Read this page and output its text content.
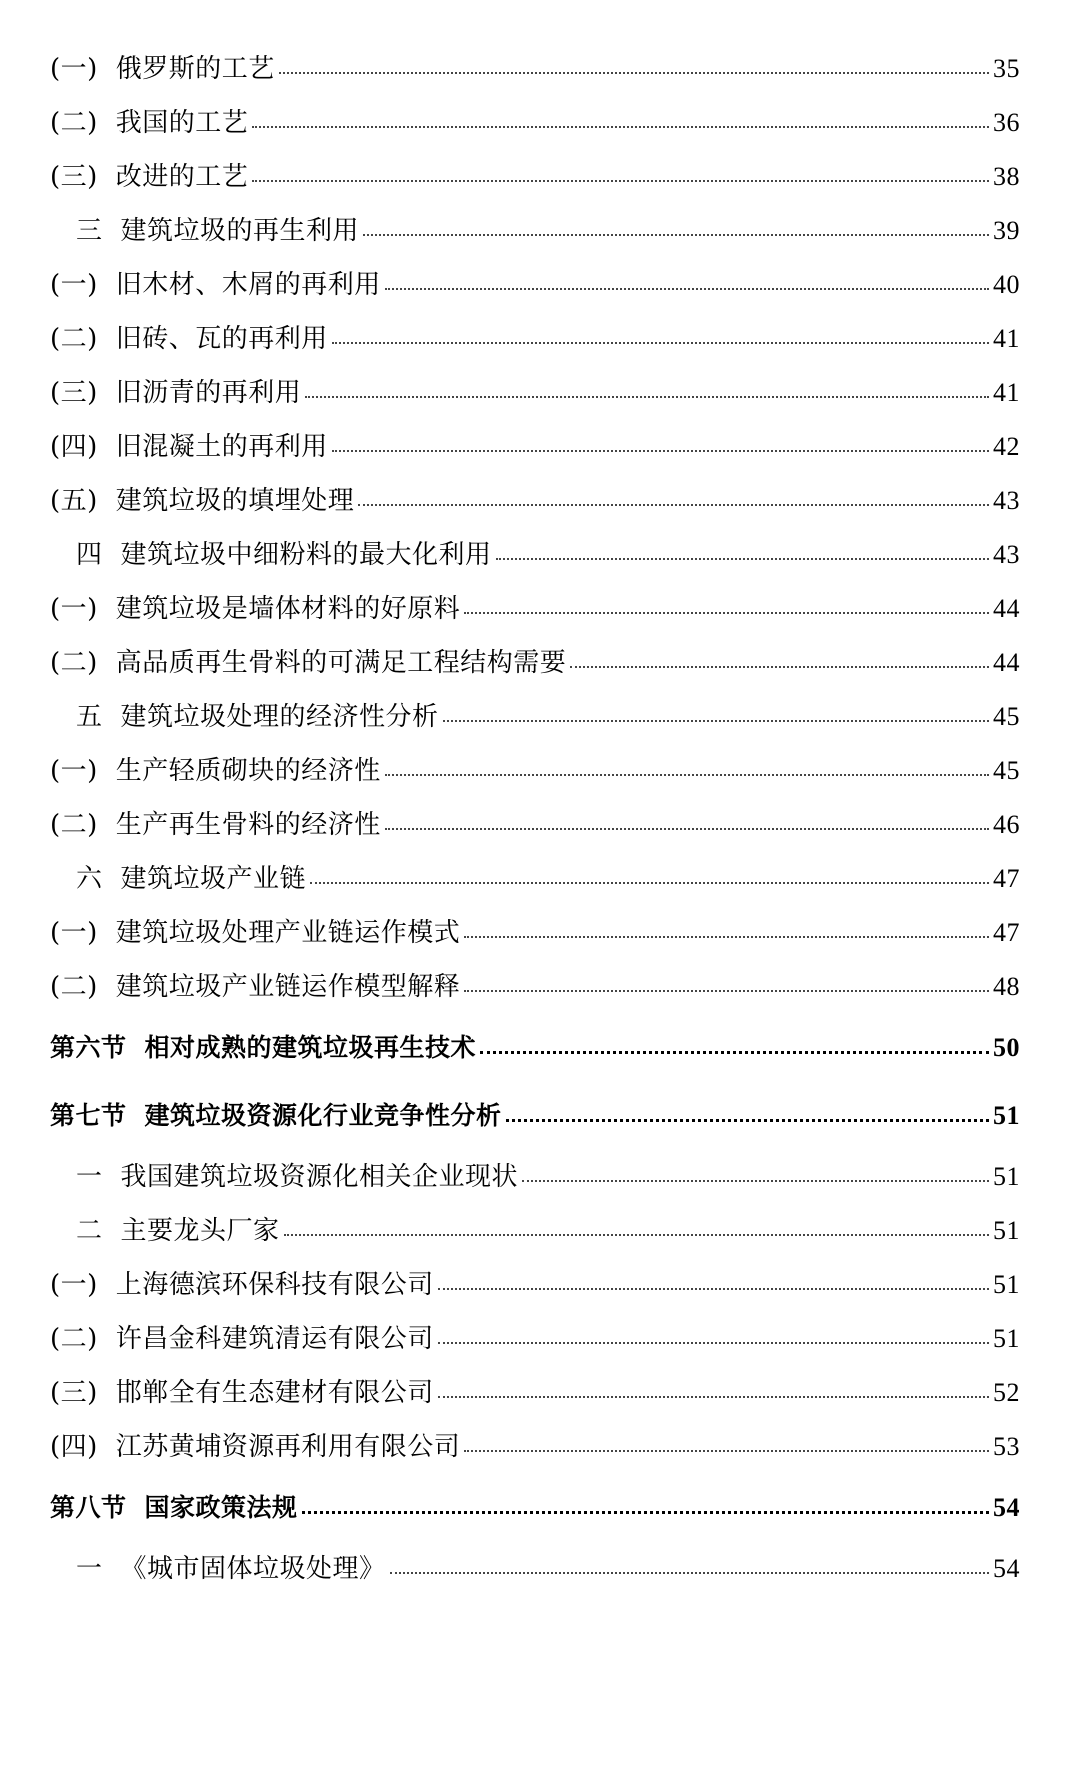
(一) 俄罗斯的工艺	35
(二) 我国的工艺	36
(三) 改进的工艺	38
三 建筑垃圾的再生利用	39
(一) 旧木材、木屑的再利用	40
(二) 旧砖、瓦的再利用	41
(三) 旧沥青的再利用	41
(四) 旧混凝土的再利用	42
(五) 建筑垃圾的填埋处理	43
四 建筑垃圾中细粉料的最大化利用	43
(一) 建筑垃圾是墙体材料的好原料	44
(二) 高品质再生骨料的可满足工程结构需要	44
五 建筑垃圾处理的经济性分析	45
(一) 生产轻质砌块的经济性	45
(二) 生产再生骨料的经济性	46
六 建筑垃圾产业链	47
(一) 建筑垃圾处理产业链运作模式	47
(二) 建筑垃圾产业链运作模型解释	48
第六节 相对成熟的建筑垃圾再生技术	50
第七节 建筑垃圾资源化行业竞争性分析	51
一 我国建筑垃圾资源化相关企业现状	51
二 主要龙头厂家	51
(一) 上海德滨环保科技有限公司	51
(二) 许昌金科建筑清运有限公司	51
(三) 邯郸全有生态建材有限公司	52
(四) 江苏黄埔资源再利用有限公司	53
第八节 国家政策法规	54
一 《城市固体垃圾处理》	54
